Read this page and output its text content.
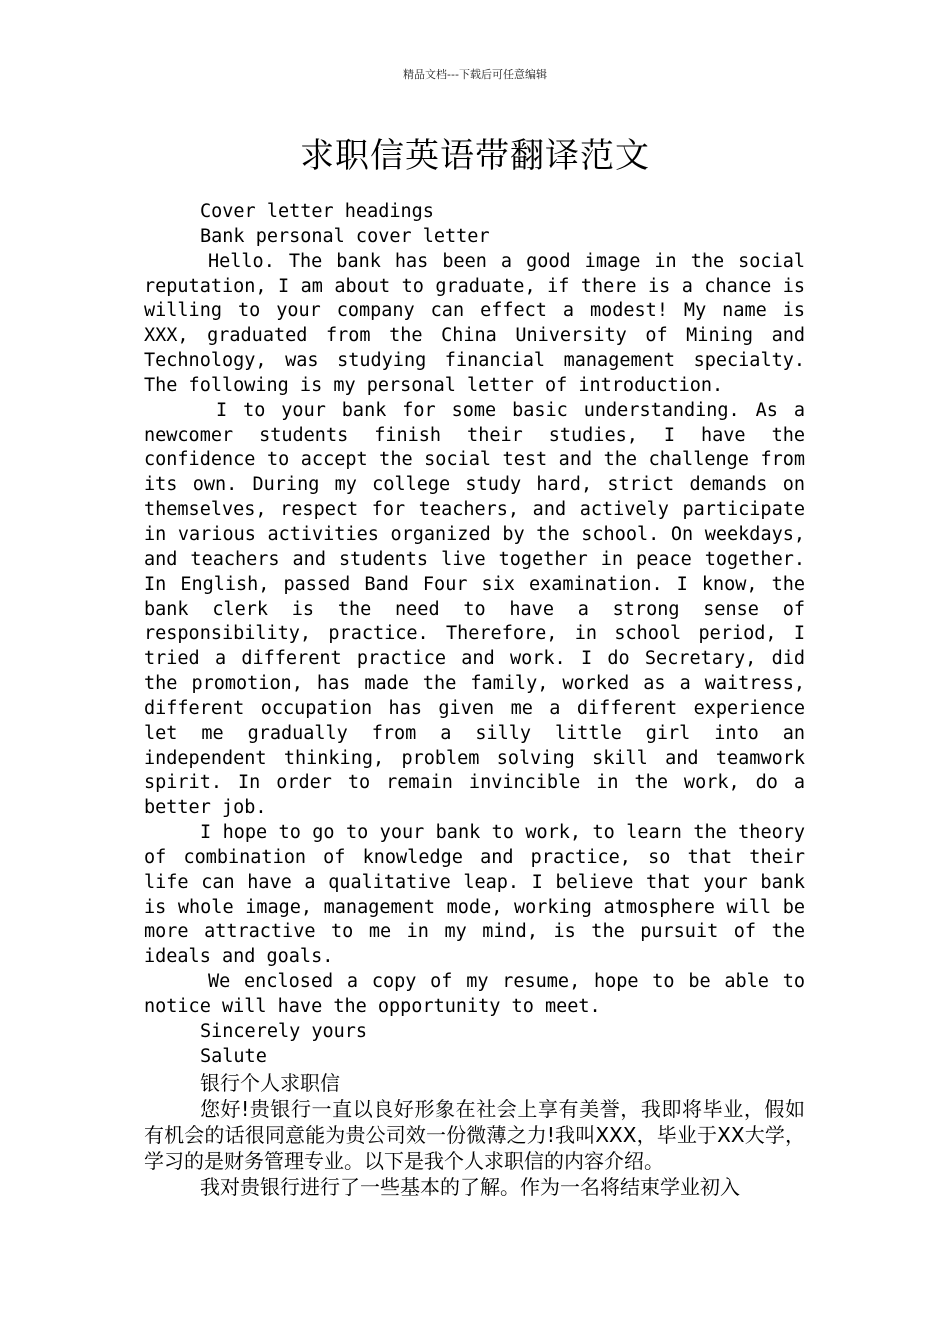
精品文档---下载后可任意编辑
求职信英语带翻译范文

Cover letter headings

Bank personal cover letter

Hello. The bank has been a good image in the social reputation, I am about to graduate, if there is a chance is willing to your company can effect a modest! My name is XXX, graduated from the China University of Mining and Technology, was studying financial management specialty. The following is my personal letter of introduction.

I to your bank for some basic understanding. As a newcomer students finish their studies, I have the confidence to accept the social test and the challenge from its own. During my college study hard, strict demands on themselves, respect for teachers, and actively participate in various activities organized by the school. On weekdays, and teachers and students live together in peace together. In English, passed Band Four six examination. I know, the bank clerk is the need to have a strong sense of responsibility, practice. Therefore, in school period, I tried a different practice and work. I do Secretary, did the promotion, has made the family, worked as a waitress, different occupation has given me a different experience let me gradually from a silly little girl into an independent thinking, problem solving skill and teamwork spirit. In order to remain invincible in the work, do a better job.

I hope to go to your bank to work, to learn the theory of combination of knowledge and practice, so that their life can have a qualitative leap. I believe that your bank is whole image, management mode, working atmosphere will be more attractive to me in my mind, is the pursuit of the ideals and goals.

We enclosed a copy of my resume, hope to be able to notice will have the opportunity to meet.

Sincerely yours

Salute

银行个人求职信

您好!贵银行一直以良好形象在社会上享有美誉，我即将毕业，假如有机会的话很同意能为贵公司效一份微薄之力!我叫XXX，毕业于XX大学，学习的是财务管理专业。以下是我个人求职信的内容介绍。

我对贵银行进行了一些基本的了解。作为一名将结束学业初入
